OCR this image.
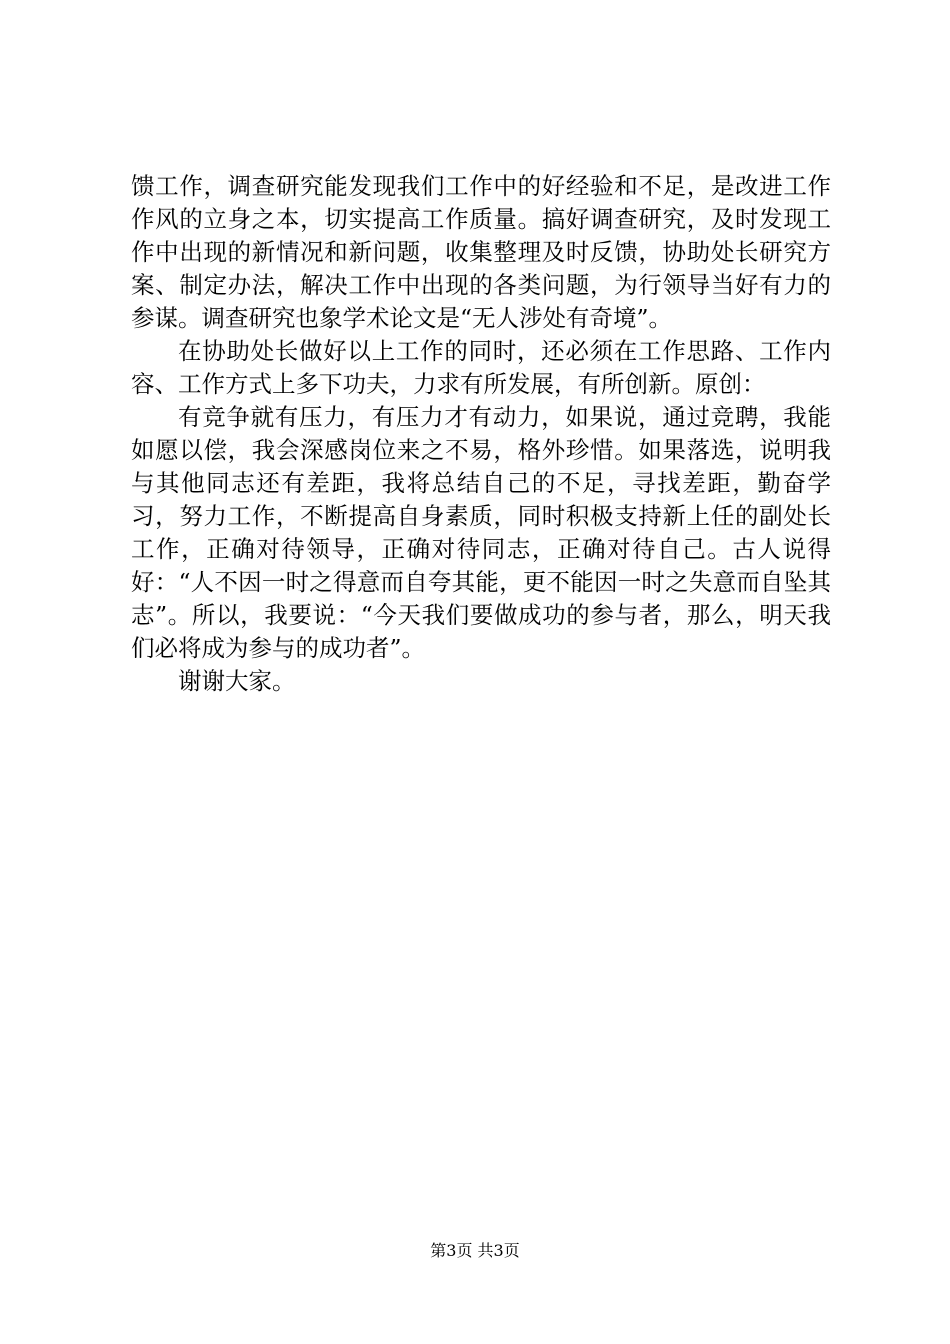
馈工作，调查研究能发现我们工作中的好经验和不足，是改进工作作风的立身之本，切实提高工作质量。搞好调查研究，及时发现工作中出现的新情况和新问题，收集整理及时反馈，协助处长研究方案、制定办法，解决工作中出现的各类问题，为行领导当好有力的参谋。调查研究也象学术论文是“无人涉处有奇境”。

在协助处长做好以上工作的同时，还必须在工作思路、工作内容、工作方式上多下功夫，力求有所发展，有所创新。原创：

有竞争就有压力，有压力才有动力，如果说，通过竞聘，我能如愿以偿，我会深感岗位来之不易，格外珍惜。如果落选，说明我与其他同志还有差距，我将总结自己的不足，寻找差距，勤奋学习，努力工作，不断提高自身素质，同时积极支持新上任的副处长工作，正确对待领导，正确对待同志，正确对待自己。古人说得好：“人不因一时之得意而自夸其能，更不能因一时之失意而自坠其志”。所以，我要说：“今天我们要做成功的参与者，那么，明天我们必将成为参与的成功者”。

谢谢大家。

第3页 共3页
